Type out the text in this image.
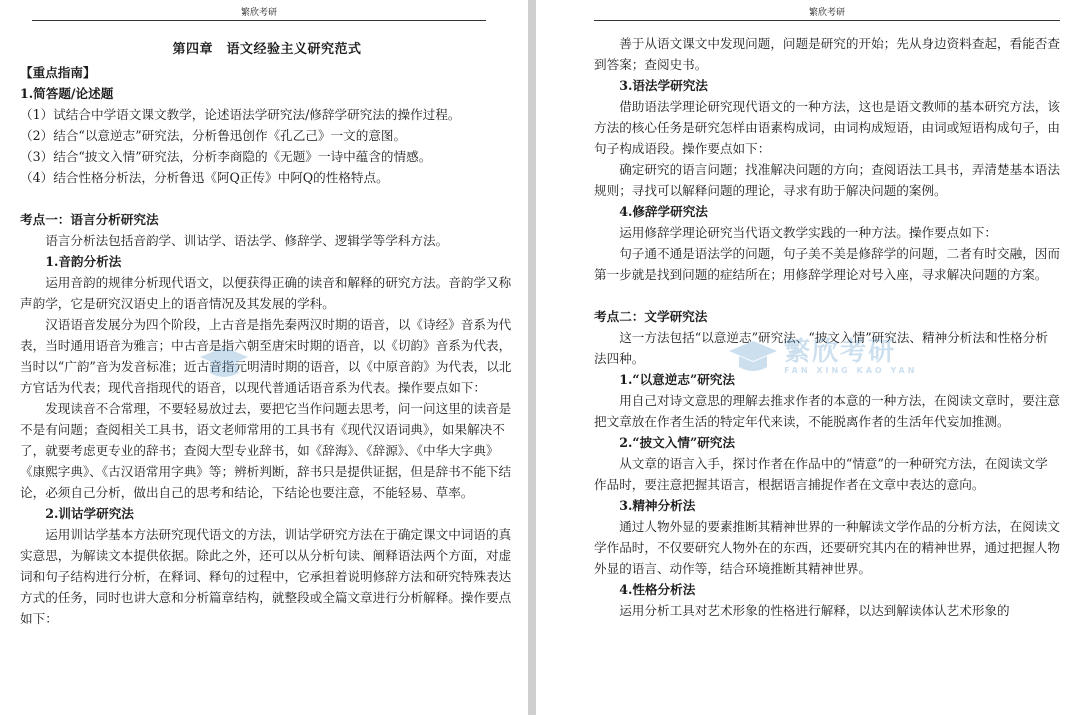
繁欣考研

第四章　语文经验主义研究范式

【重点指南】

1.简答题/论述题

（1）试结合中学语文课文教学，论述语法学研究法/修辞学研究法的操作过程。

（2）结合“以意逆志”研究法，分析鲁迅创作《孔乙己》一文的意图。

（3）结合“披文入情”研究法，分析李商隐的《无题》一诗中蕴含的情感。

（4）结合性格分析法，分析鲁迅《阿Q正传》中阿Q的性格特点。

考点一：语言分析研究法

语言分析法包括音韵学、训诂学、语法学、修辞学、逻辑学等学科方法。

1.音韵分析法

运用音韵的规律分析现代语文，以便获得正确的读音和解释的研究方法。音韵学又称声韵学，它是研究汉语史上的语音情况及其发展的学科。

汉语语音发展分为四个阶段，上古音是指先秦两汉时期的语音，以《诗经》音系为代表，当时通用语音为雅言；中古音是指六朝至唐宋时期的语音，以《切韵》音系为代表，当时以“广韵”音为发音标准；近古音指元明清时期的语音，以《中原音韵》为代表，以北方官话为代表；现代音指现代的语音，以现代普通话语音系为代表。操作要点如下：

发现读音不合常理，不要轻易放过去，要把它当作问题去思考，问一问这里的读音是不是有问题；查阅相关工具书，语文老师常用的工具书有《现代汉语词典》，如果解决不了，就要考虑更专业的辞书；查阅大型专业辞书，如《辞海》、《辞源》、《中华大字典》《康熙字典》、《古汉语常用字典》等；辨析判断，辞书只是提供证据，但是辞书不能下结论，必须自己分析，做出自己的思考和结论，下结论也要注意，不能轻易、草率。

2.训诂学研究法

运用训诂学基本方法研究现代语文的方法，训诂学研究方法在于确定课文中词语的真实意思，为解读文本提供依据。除此之外，还可以从分析句读、阐释语法两个方面，对虚词和句子结构进行分析，在释词、释句的过程中，它承担着说明修辞方法和研究特殊表达方式的任务，同时也讲大意和分析篇章结构，就整段或全篇文章进行分析解释。操作要点如下：

繁欣考研

善于从语文课文中发现问题，问题是研究的开始；先从身边资料查起，看能否查到答案；查阅史书。

3.语法学研究法

借助语法学理论研究现代语文的一种方法，这也是语文教师的基本研究方法，该方法的核心任务是研究怎样由语素构成词，由词构成短语，由词或短语构成句子，由句子构成语段。操作要点如下：

确定研究的语言问题；找准解决问题的方向；查阅语法工具书，弄清楚基本语法规则；寻找可以解释问题的理论，寻求有助于解决问题的案例。

4.修辞学研究法

运用修辞学理论研究当代语文教学实践的一种方法。操作要点如下：

句子通不通是语法学的问题，句子美不美是修辞学的问题，二者有时交融，因而第一步就是找到问题的症结所在；用修辞学理论对号入座，寻求解决问题的方案。

考点二：文学研究法

这一方法包括“以意逆志”研究法、“披文入情”研究法、精神分析法和性格分析法四种。

1.“以意逆志”研究法

用自己对诗文意思的理解去推求作者的本意的一种方法，在阅读文章时，要注意把文章放在作者生活的特定年代来读，不能脱离作者的生活年代妄加推测。

2.“披文入情”研究法

从文章的语言入手，探讨作者在作品中的“情意”的一种研究方法，在阅读文学作品时，要注意把握其语言，根据语言捕捉作者在文章中表达的意向。

3.精神分析法

通过人物外显的要素推断其精神世界的一种解读文学作品的分析方法，在阅读文学作品时，不仅要研究人物外在的东西，还要研究其内在的精神世界，通过把握人物外显的语言、动作等，结合环境推断其精神世界。

4.性格分析法

运用分析工具对艺术形象的性格进行解释，以达到解读体认艺术形象的

繁欣考研
FAN XING KAO YAN
